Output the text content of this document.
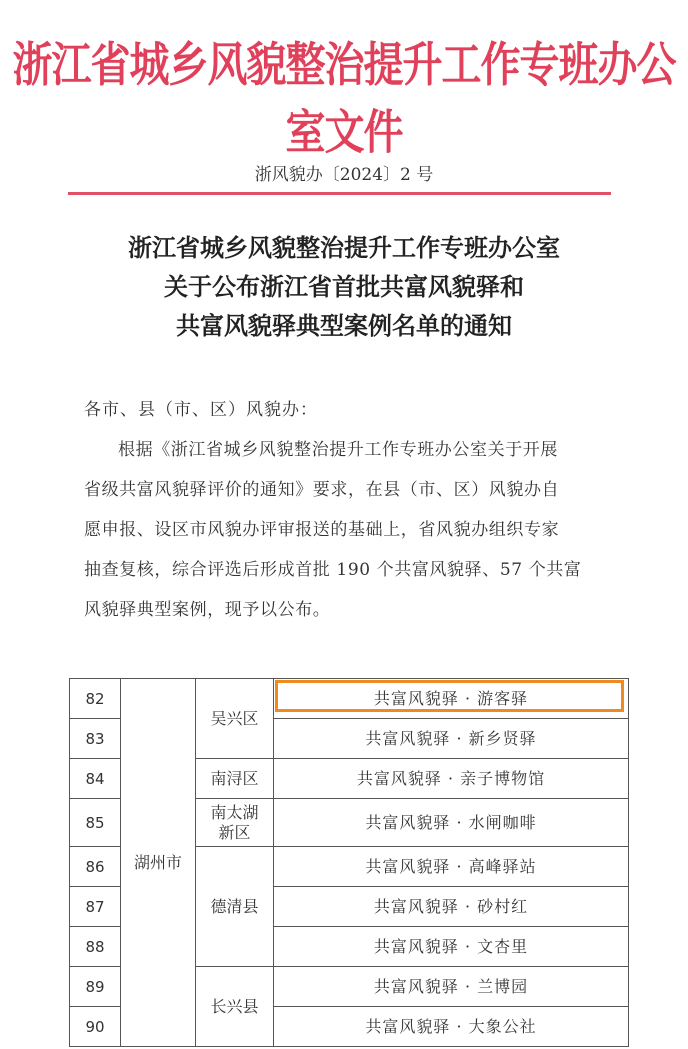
浙江省城乡风貌整治提升工作专班办公室文件
浙风貌办〔2024〕2 号
浙江省城乡风貌整治提升工作专班办公室
关于公布浙江省首批共富风貌驿和
共富风貌驿典型案例名单的通知
各市、县（市、区）风貌办：
根据《浙江省城乡风貌整治提升工作专班办公室关于开展
省级共富风貌驿评价的通知》要求，在县（市、区）风貌办自
愿申报、设区市风貌办评审报送的基础上，省风貌办组织专家
抽查复核，综合评选后形成首批 190 个共富风貌驿、57 个共富
风貌驿典型案例，现予以公布。
82	湖州市	吴兴区	共富风貌驿 · 游客驿
83			共富风貌驿 · 新乡贤驿
84		南浔区	共富风貌驿 · 亲子博物馆
85		南太湖
新区	共富风貌驿 · 水闸咖啡
86		德清县	共富风貌驿 · 高峰驿站
87			共富风貌驿 · 砂村红
88			共富风貌驿 · 文杏里
89		长兴县	共富风貌驿 · 兰博园
90			共富风貌驿 · 大象公社
